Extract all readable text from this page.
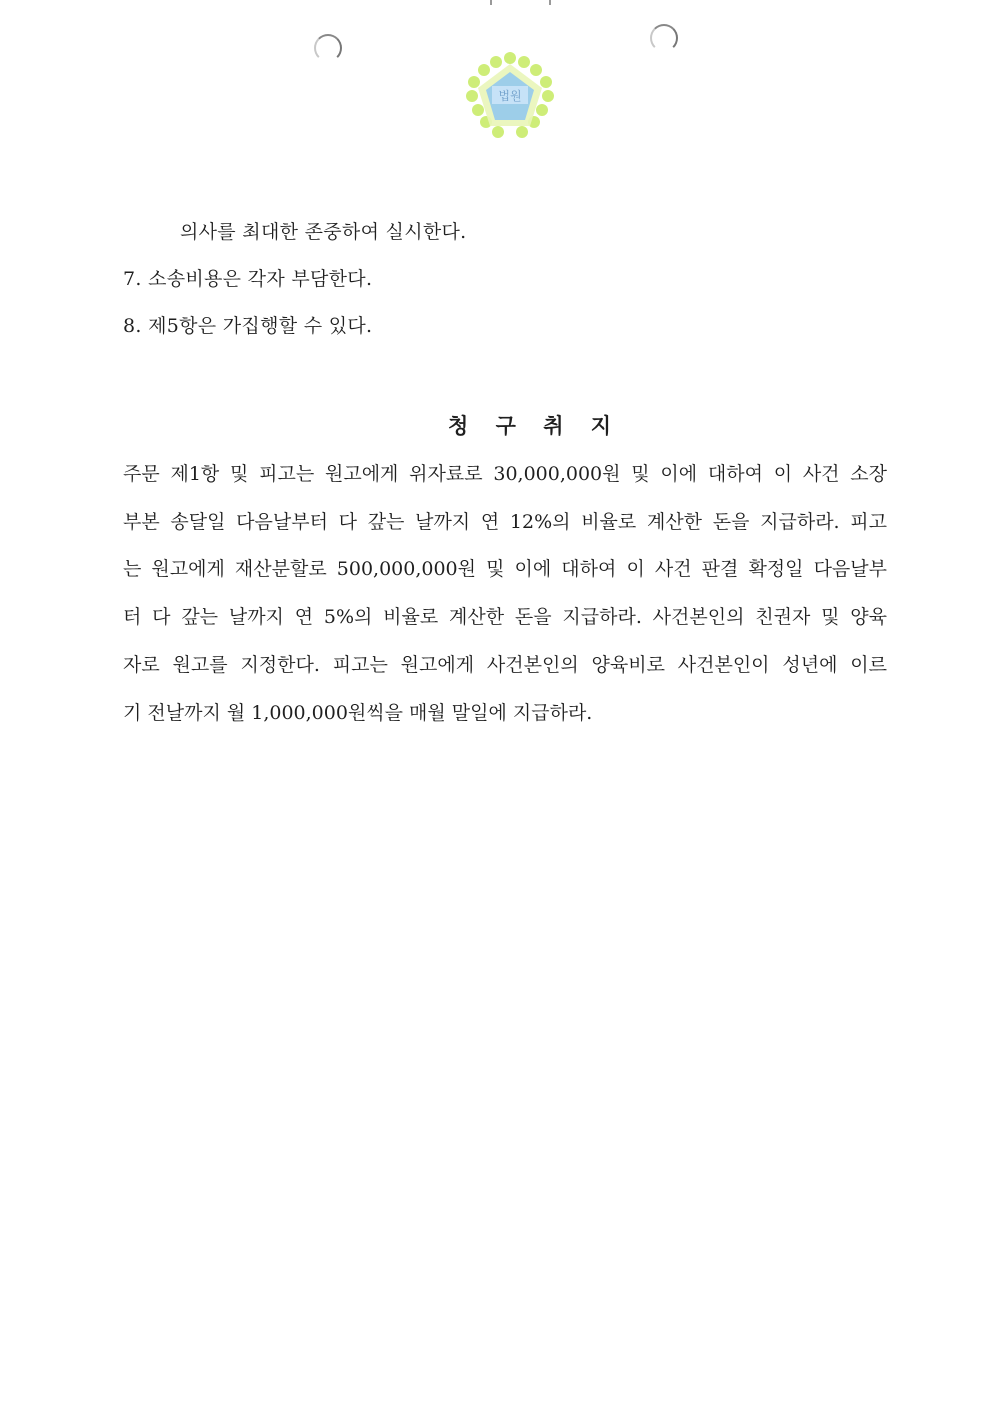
법원
의사를 최대한 존중하여 실시한다.
7. 소송비용은 각자 부담한다.
8. 제5항은 가집행할 수 있다.
청 구 취 지
주문 제1항 및 피고는 원고에게 위자료로 30,000,000원 및 이에 대하여 이 사건 소장
부본 송달일 다음날부터 다 갚는 날까지 연 12%의 비율로 계산한 돈을 지급하라. 피고
는 원고에게 재산분할로 500,000,000원 및 이에 대하여 이 사건 판결 확정일 다음날부
터 다 갚는 날까지 연 5%의 비율로 계산한 돈을 지급하라. 사건본인의 친권자 및 양육
자로 원고를 지정한다. 피고는 원고에게 사건본인의 양육비로 사건본인이 성년에 이르
기 전날까지 월 1,000,000원씩을 매월 말일에 지급하라.
